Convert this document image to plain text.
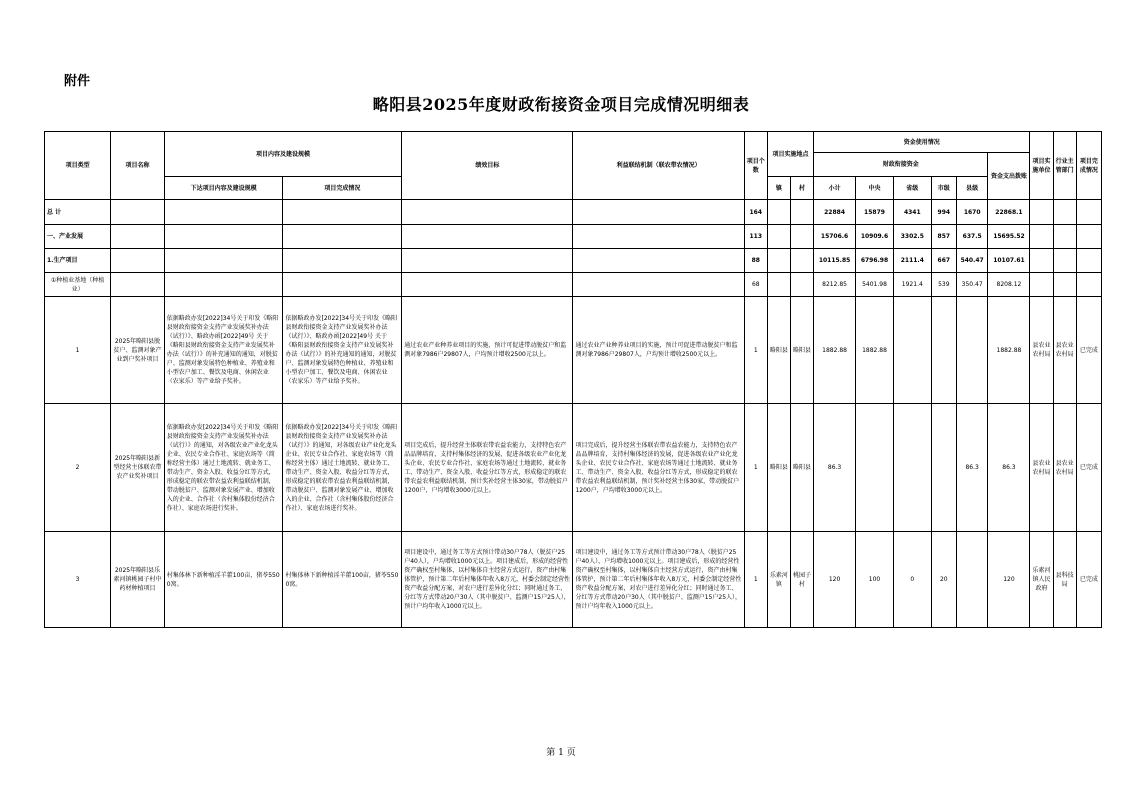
附件
略阳县2025年度财政衔接资金项目完成情况明细表
项目类型	项目名称	项目内容及建设规模		绩效目标	利益联结机制（联农带农情况）	项目个数	项目实施地点		资金使用情况						项目实施单位	行业主管部门	项目完成情况
									财政衔接资金					资金支出拨账			
		下达项目内容及建设规模	项目完成情况				镇	村	小计	中央	省级	市级	县级				
总 计						164			22884	15879	4341	994	1670	22868.1			
一、产业发展						113			15706.6	10909.6	3302.5	857	637.5	15695.52			
1.生产项目						88			10115.85	6796.98	2111.4	667	540.47	10107.61			
①种植业基地（种植业）						68			8212.85	5401.98	1921.4	539	350.47	8208.12			
1	2025年略阳县脱贫户、监测对象产业到户奖补项目	依据略政办发[2022]34号关于印发《略阳县财政衔接资金支持产业发展奖补办法（试行）》、略政办函[2022]49号 关于 《略阳县财政衔接资金支持产业发展奖补办法（试行）》的补充通知的通知，对脱贫户、监测对象发展特色种植业、养殖业和小型农户加工、餐饮及电商、休闲农业（农家乐）等产业给予奖补。	依据略政办发[2022]34号关于印发《略阳县财政衔接资金支持产业发展奖补办法（试行）》、略政办函[2022]49号 关于 《略阳县财政衔接资金支持产业发展奖补办法（试行）》的补充通知的通知，对脱贫户、监测对象发展特色种植业、养殖业和小型农户加工、餐饮及电商、休闲农业（农家乐）等产业给予奖补。	通过农业产业种养业项目的实施，预计可促进带动脱贫户和监测对象7986户29807人，户均预计增收2500元以上。	通过农业产业种养业项目的实施，预计可促进带动脱贫户和监测对象7986户29807人，户均预计增收2500元以上。	1	略阳县	略阳县	1882.88	1882.88				1882.88	县农业农村局	县农业农村局	已完成
2	2025年略阳县新型经营主体联农带农产业奖补项目	依据略政办发[2022]34号关于印发《略阳县财政衔接资金支持产业发展奖补办法（试行）》的通知，对各级农业产业化龙头企业、农民专业合作社、家庭农场等（简称经营主体）通过土地流转、就业务工、带动生产、资金入股、收益分红等方式，形成稳定的联农带农益农利益联结机制，带动脱贫户、监测对象发展产业、增加收入的企业、合作社（含村集体股份经济合作社）、家庭农场进行奖补。	依据略政办发[2022]34号关于印发《略阳县财政衔接资金支持产业发展奖补办法（试行）》的通知，对各级农业产业化龙头企业、农民专业合作社、家庭农场等（简称经营主体）通过土地流转、就业务工、带动生产、资金入股、收益分红等方式，形成稳定的联农带农益农利益联结机制，带动脱贫户、监测对象发展产业、增加收入的企业、合作社（含村集体股份经济合作社）、家庭农场进行奖补。	项目完成后，提升经营主体联农带农益农能力，支持特色农产品品牌培育，支持村集体经济的发展，促进各级农业产业化龙头企业、农民专业合作社、家庭农场等通过土地流转、就业务工、带动生产、资金入股、收益分红等方式，形成稳定的联农带农益农利益联结机制，预计奖补经营主体30家，带动脱贫户1200户，户均增收3000元以上。	项目完成后，提升经营主体联农带农益农能力，支持特色农产品品牌培育，支持村集体经济的发展，促进各级农业产业化龙头企业、农民专业合作社、家庭农场等通过土地流转、就业务工、带动生产、资金入股、收益分红等方式，形成稳定的联农带农益农利益联结机制，预计奖补经营主体30家，带动脱贫户1200户，户均增收3000元以上。	1	略阳县	略阳县	86.3				86.3	86.3	县农业农村局	县农业农村局	已完成
3	2025年略阳县乐素河镇桃园子村中药材种植项目	村集体林下新种植淫羊藿100亩，猪苓5500窝。	村集体林下新种植淫羊藿100亩，猪苓5500窝。	项目建设中，通过务工等方式预计带动30户78人（脱贫户25户40人），户均增收1000元以上。项目建成后，形成的经营性资产确权至村集体，以村集体自主经营方式运行，资产由村集体管护，预计第二年后村集体年收入8万元，村委会制定经营性资产收益分配方案，对农户进行差异化分红；同时通过务工、分红等方式带动20户30人（其中脱贫户、监测户15户25人），预计户均年收入1000元以上。	项目建设中，通过务工等方式预计带动30户78人（脱贫户25户40人），户均增收1000元以上。项目建成后，形成的经营性资产确权至村集体，以村集体自主经营方式运行，资产由村集体管护，预计第二年后村集体年收入8万元，村委会制定经营性资产收益分配方案，对农户进行差异化分红；同时通过务工、分红等方式带动20户30人（其中脱贫户、监测户15户25人），预计户均年收入1000元以上。	1	乐素河镇	桃园子村	120	100	0	20		120	乐素河镇人民政府	县科技局	已完成
第 1 页
